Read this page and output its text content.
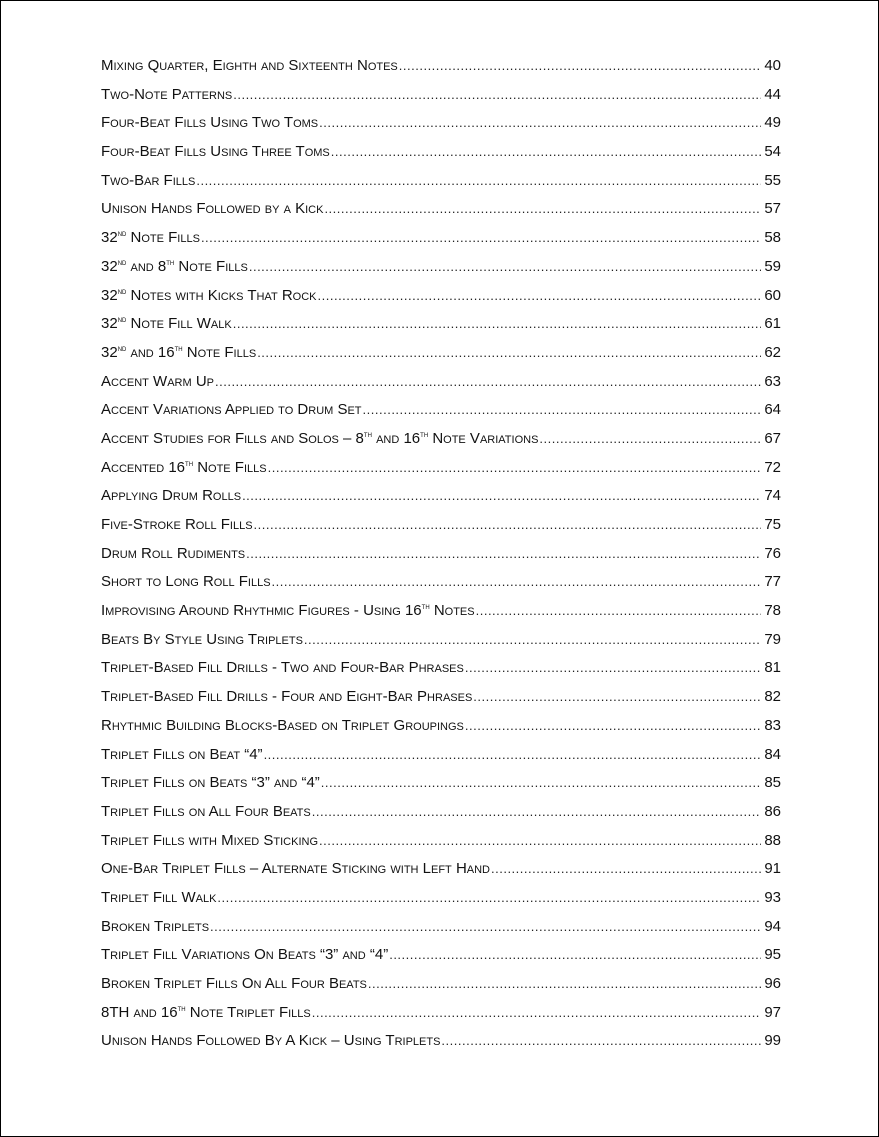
Mixing Quarter, Eighth and Sixteenth Notes .....	40
Two-Note Patterns .....	44
Four-Beat Fills Using Two Toms .....	49
Four-Beat Fills Using Three Toms .....	54
Two-Bar Fills .....	55
Unison Hands Followed by a Kick .....	57
32nd Note Fills .....	58
32nd and 8th Note Fills .....	59
32nd Notes with Kicks That Rock .....	60
32nd Note Fill Walk .....	61
32nd and 16th Note Fills .....	62
Accent Warm Up .....	63
Accent Variations Applied to Drum Set .....	64
Accent Studies for Fills and Solos – 8th and 16th Note Variations .....	67
Accented 16th Note Fills .....	72
Applying Drum Rolls .....	74
Five-Stroke Roll Fills .....	75
Drum Roll Rudiments .....	76
Short to Long Roll Fills .....	77
Improvising Around Rhythmic Figures - Using 16th Notes .....	78
Beats By Style Using Triplets .....	79
Triplet-Based Fill Drills - Two and Four-Bar Phrases .....	81
Triplet-Based Fill Drills - Four and Eight-Bar Phrases .....	82
Rhythmic Building Blocks-Based on Triplet Groupings .....	83
Triplet Fills on Beat “4” .....	84
Triplet Fills on Beats “3” and “4” .....	85
Triplet Fills on All Four Beats .....	86
Triplet Fills with Mixed Sticking .....	88
One-Bar Triplet Fills – Alternate Sticking with Left Hand .....	91
Triplet Fill Walk .....	93
Broken Triplets .....	94
Triplet Fill Variations On Beats “3” and “4” .....	95
Broken Triplet Fills On All Four Beats .....	96
8TH and 16th Note Triplet Fills .....	97
Unison Hands Followed By A Kick – Using Triplets .....	99
